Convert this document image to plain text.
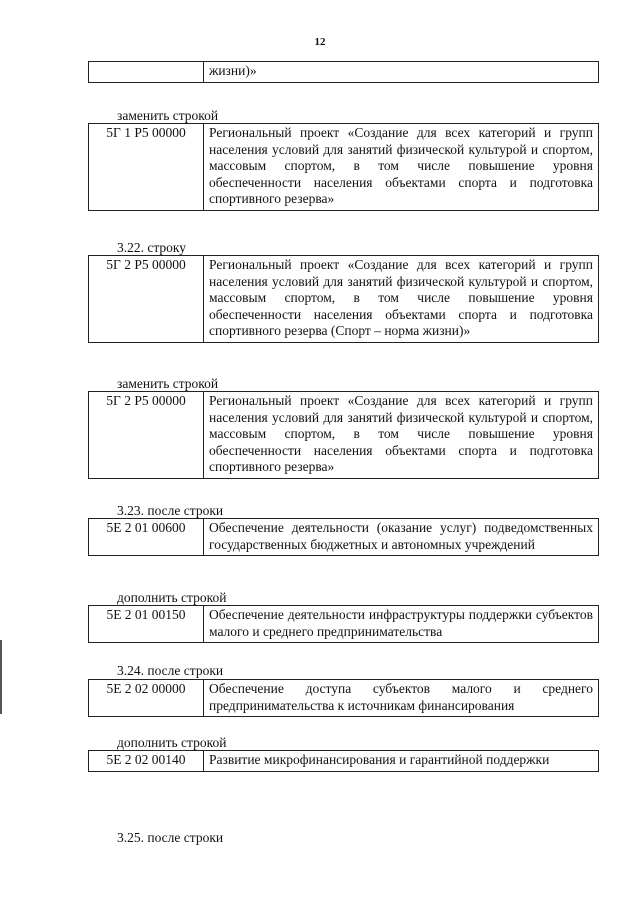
12
	жизни)»
заменить строкой
5Г 1 Р5 00000	Региональный проект «Создание для всех категорий и групп населения условий для занятий физической культурой и спортом, массовым спортом, в том числе повышение уровня обеспеченности населения объектами спорта и подготовка спортивного резерва»
3.22. строку
5Г 2 Р5 00000	Региональный проект «Создание для всех категорий и групп населения условий для занятий физической культурой и спортом, массовым спортом, в том числе повышение уровня обеспеченности населения объектами спорта и подготовка спортивного резерва (Спорт – норма жизни)»
заменить строкой
5Г 2 Р5 00000	Региональный проект «Создание для всех категорий и групп населения условий для занятий физической культурой и спортом, массовым спортом, в том числе повышение уровня обеспеченности населения объектами спорта и подготовка спортивного резерва»
3.23. после строки
5Е 2 01 00600	Обеспечение деятельности (оказание услуг) подведомственных государственных бюджетных и автономных учреждений
дополнить строкой
5Е 2 01 00150	Обеспечение деятельности инфраструктуры поддержки субъектов малого и среднего предпринимательства
3.24. после строки
5Е 2 02 00000	Обеспечение доступа субъектов малого и среднего предпринимательства к источникам финансирования
дополнить строкой
5Е 2 02 00140	Развитие микрофинансирования и гарантийной поддержки
3.25. после строки
